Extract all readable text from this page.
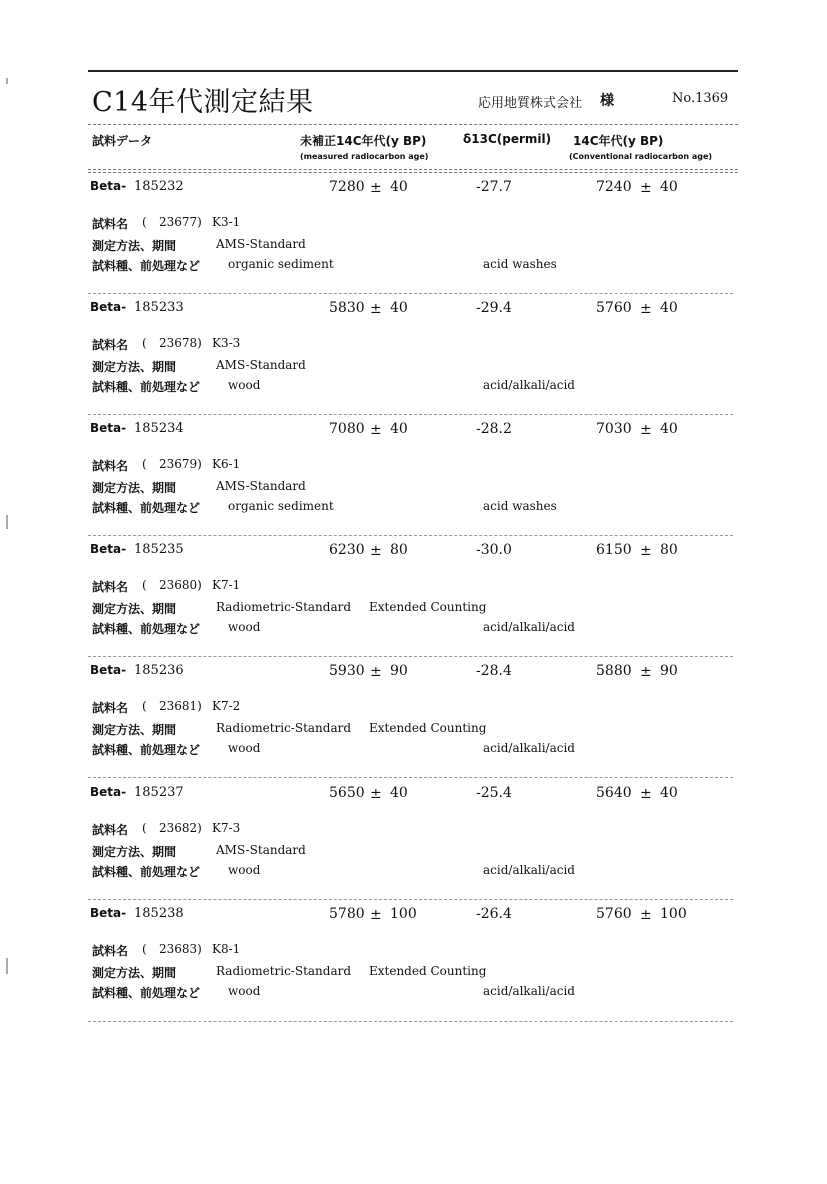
C14年代測定結果	応用地質株式会社 様	No.1369
試料データ	未補正14C年代(y BP)
(measured radiocarbon age)
δ13C(permil) 14C年代(y BP)
(Conventional radiocarbon age)
Beta- 185232	7280 ± 40	-27.7	7240 ± 40
試料名 ( 23677) K3-1
測定方法、期間	AMS-Standard
試料種、前処理など organic sediment	acid washes
Beta- 185233	5830 ± 40	-29.4	5760 ± 40
試料名 ( 23678) K3-3
測定方法、期間	AMS-Standard
試料種、前処理など wood	acid/alkali/acid
Beta- 185234	7080 ± 40	-28.2	7030 ± 40
試料名 ( 23679) K6-1
測定方法、期間	AMS-Standard
試料種、前処理など organic sediment	acid washes
Beta- 185235	6230 ± 80	-30.0	6150 ± 80
試料名 ( 23680) K7-1
測定方法、期間	Radiometric-Standard Extended Counting
試料種、前処理など wood	acid/alkali/acid
Beta- 185236	5930 ± 90	-28.4	5880 ± 90
試料名 ( 23681) K7-2
測定方法、期間	Radiometric-Standard Extended Counting
試料種、前処理など wood	acid/alkali/acid
Beta- 185237	5650 ± 40	-25.4	5640 ± 40
試料名 ( 23682) K7-3
測定方法、期間	AMS-Standard
試料種、前処理など wood	acid/alkali/acid
Beta- 185238	5780 ± 100	-26.4	5760 ± 100
試料名 ( 23683) K8-1
測定方法、期間	Radiometric-Standard Extended Counting
試料種、前処理など wood	acid/alkali/acid
